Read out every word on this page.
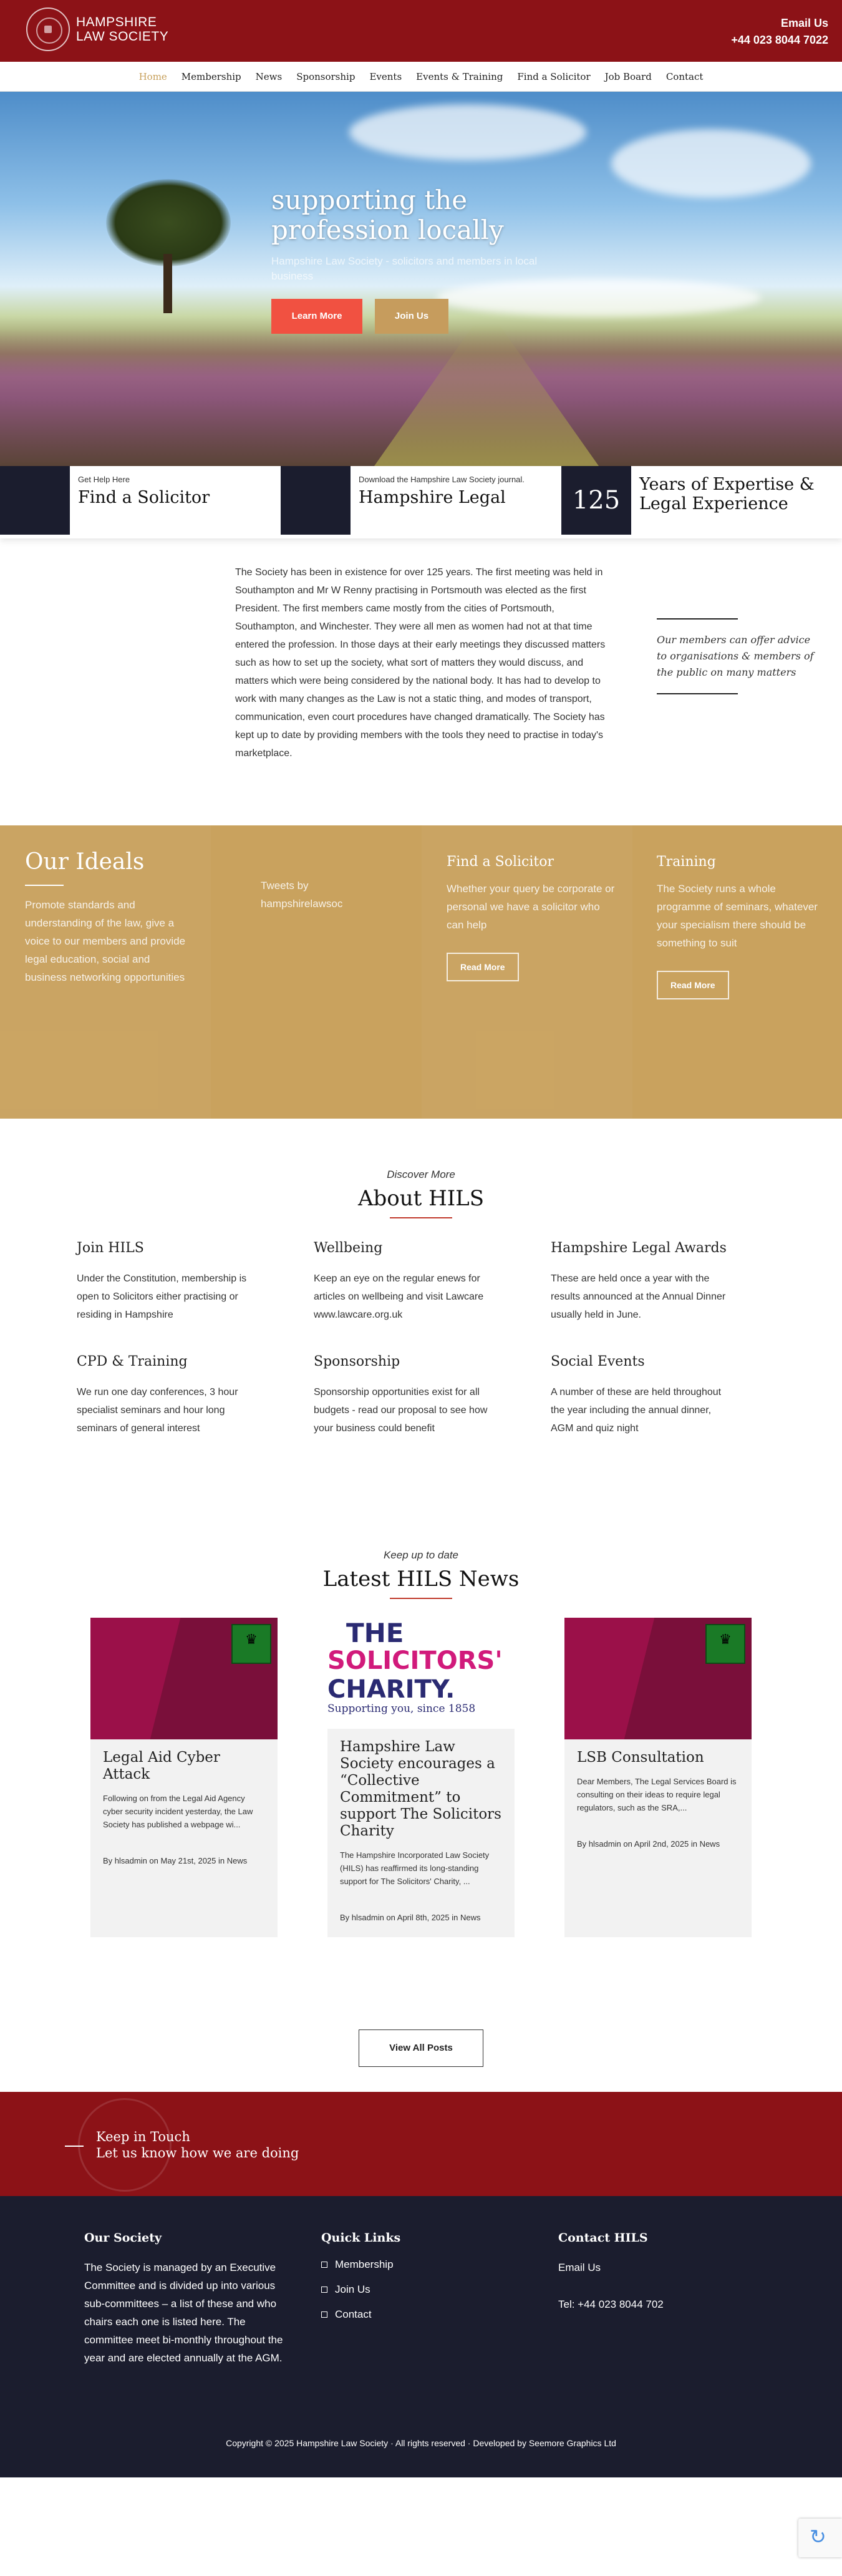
HAMPSHIRE
LAW SOCIETY
Email Us
+44 023 8044 7022
Home Membership News Sponsorship Events Events & Training Find a Solicitor Job Board Contact
supporting the
profession locally

Hampshire Law Society - solicitors and members in local business

Learn More	Join Us
Get Help Here
Find a Solicitor
Download the Hampshire Law Society journal.
Hampshire Legal	125
Years of Expertise &
Legal Experience

The Society has been in existence for over 125 years. The first meeting was held in Southampton and Mr W Renny practising in Portsmouth was elected as the first President. The first members came mostly from the cities of Portsmouth, Southampton, and Winchester. They were all men as women had not at that time entered the profession. In those days at their early meetings they discussed matters such as how to set up the society, what sort of matters they would discuss, and matters which were being considered by the national body. It has had to develop to work with many changes as the Law is not a static thing, and modes of transport, communication, even court procedures have changed dramatically. The Society has kept up to date by providing members with the tools they need to practise in today's marketplace.

Our members can offer advice to organisations & members of the public on many matters
Our Ideals

Promote standards and understanding of the law, give a voice to our members and provide legal education, social and business networking opportunities

Tweets by hampshirelawsoc

Find a Solicitor

Whether your query be corporate or personal we have a solicitor who can help

Read More
Training

The Society runs a whole programme of seminars, whatever your specialism there should be something to suit

Read More
Discover More
About HILS
Join HILS

Under the Constitution, membership is open to Solicitors either practising or residing in Hampshire

Wellbeing

Keep an eye on the regular enews for articles on wellbeing and visit Lawcare www.lawcare.org.uk

Hampshire Legal Awards

These are held once a year with the results announced at the Annual Dinner usually held in June.

CPD & Training

We run one day conferences, 3 hour specialist seminars and hour long seminars of general interest

Sponsorship

Sponsorship opportunities exist for all budgets - read our proposal to see how your business could benefit

Social Events

A number of these are held throughout the year including the annual dinner, AGM and quiz night

Keep up to date
Latest HILS News
♛
Legal Aid Cyber Attack

Following on from the Legal Aid Agency cyber security incident yesterday, the Law Society has published a webpage wi...

By hlsadmin on May 21st, 2025 in News
THE
SOLICITORS'
CHARITY.
Supporting you, since 1858
Hampshire Law Society encourages a “Collective Commitment” to support The Solicitors Charity

The Hampshire Incorporated Law Society (HILS) has reaffirmed its long-standing support for The Solicitors' Charity, ...

By hlsadmin on April 8th, 2025 in News
♛
LSB Consultation

Dear Members, The Legal Services Board is consulting on their ideas to require legal regulators, such as the SRA,...

By hlsadmin on April 2nd, 2025 in News
View All Posts
Keep in Touch
Let us know how we are doing
Our Society

The Society is managed by an Executive Committee and is divided up into various sub-committees – a list of these and who chairs each one is listed here. The committee meet bi-monthly throughout the year and are elected annually at the AGM.

Quick Links
Membership
Join Us
Contact
Contact HILS

Email Us

Tel: +44 023 8044 702

Copyright © 2025 Hampshire Law Society · All rights reserved · Developed by Seemore Graphics Ltd
↻
